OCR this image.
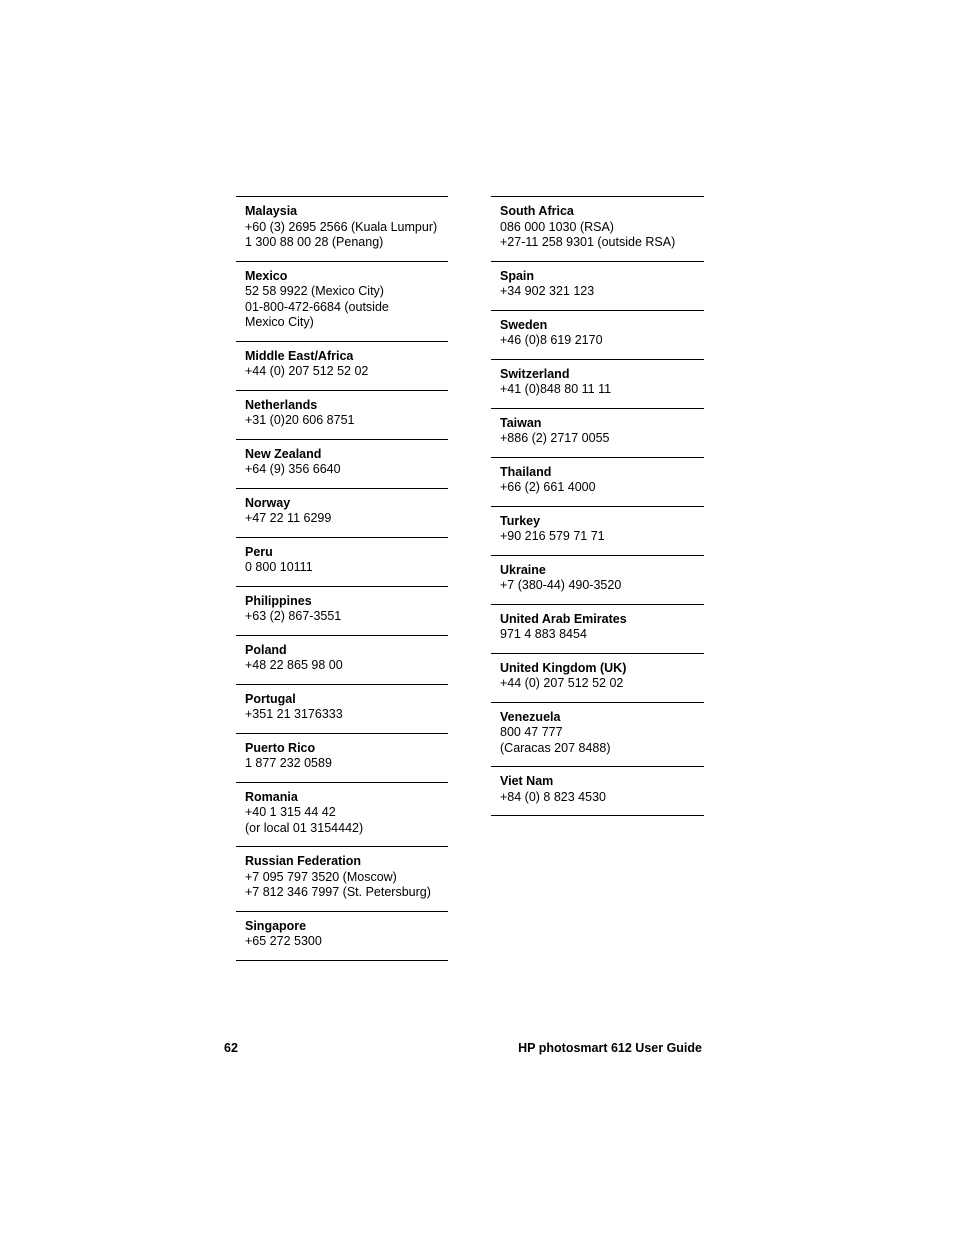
Malaysia
+60 (3) 2695 2566 (Kuala Lumpur)
1 300 88 00 28 (Penang)
Mexico
52 58 9922 (Mexico City)
01-800-472-6684 (outside
Mexico City)
Middle East/Africa
+44 (0) 207 512 52 02
Netherlands
+31 (0)20 606 8751
New Zealand
+64 (9) 356 6640
Norway
+47 22 11 6299
Peru
0 800 10111
Philippines
+63 (2) 867-3551
Poland
+48 22 865 98 00
Portugal
+351 21 3176333
Puerto Rico
1 877 232 0589
Romania
+40 1 315 44 42
(or local 01 3154442)
Russian Federation
+7 095 797 3520 (Moscow)
+7 812 346 7997 (St. Petersburg)
Singapore
+65 272 5300
South Africa
086 000 1030 (RSA)
+27-11 258 9301 (outside RSA)
Spain
+34 902 321 123
Sweden
+46 (0)8 619 2170
Switzerland
+41 (0)848 80 11 11
Taiwan
+886 (2) 2717 0055
Thailand
+66 (2) 661 4000
Turkey
+90 216 579 71 71
Ukraine
+7 (380-44) 490-3520
United Arab Emirates
971 4 883 8454
United Kingdom (UK)
+44 (0) 207 512 52 02
Venezuela
800 47 777
(Caracas 207 8488)
Viet Nam
+84 (0) 8 823 4530
62	HP photosmart 612 User Guide
